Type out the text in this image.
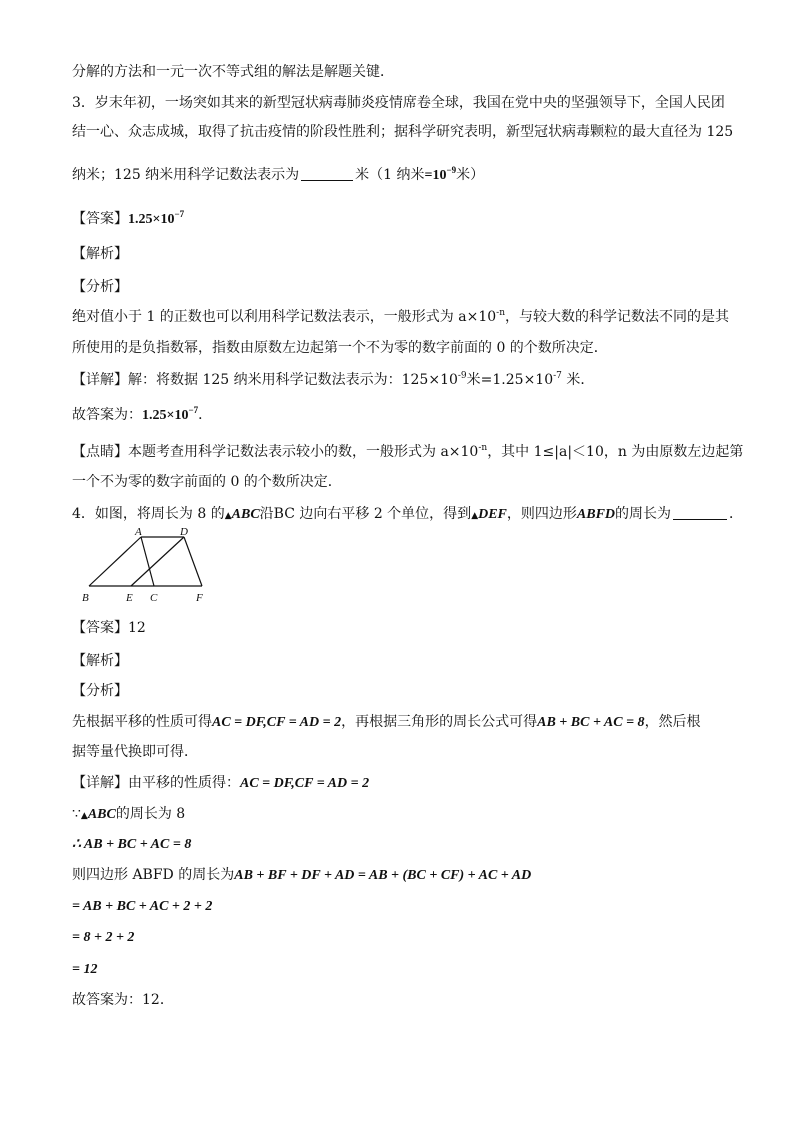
分解的方法和一元一次不等式组的解法是解题关键．
3．岁末年初，一场突如其来的新型冠状病毒肺炎疫情席卷全球，我国在党中央的坚强领导下，全国人民团
结一心、众志成城，取得了抗击疫情的阶段性胜利；据科学研究表明，新型冠状病毒颗粒的最大直径为 125
纳米；125 纳米用科学记数法表示为	米（1 纳米$=10^{-9}$米）
【答案】$1.25\times 10^{-7}$
【解析】
【分析】
绝对值小于 1 的正数也可以利用科学记数法表示，一般形式为 $a\times 10^{-n}$，与较大数的科学记数法不同的是其
所使用的是负指数幂，指数由原数左边起第一个不为零的数字前面的 0 的个数所决定．
【详解】解：将数据 125 纳米用科学记数法表示为：$125\times 10^{-9}$米$=1.25\times 10^{-7}$ 米．
故答案为：$1.25\times 10^{-7}$．
【点睛】本题考查用科学记数法表示较小的数，一般形式为 $a\times 10^{-n}$，其中 1≤|a|＜10，n 为由原数左边起第
一个不为零的数字前面的 0 的个数所决定．
4．如图，将周长为 8 的▲ABC沿BC 边向右平移 2 个单位，得到▲DEF，则四边形ABFD的周长为	．
A	D
B	E C	F
【答案】12
【解析】
【分析】
先根据平移的性质可得AC = DF,CF = AD = 2，再根据三角形的周长公式可得AB + BC + AC = 8，然后根
据等量代换即可得．
【详解】由平移的性质得：AC = DF,CF = AD = 2
∵▲ABC的周长为 8
∴ AB + BC + AC = 8
则四边形 ABFD 的周长为AB + BF + DF + AD = AB + (BC + CF) + AC + AD
= AB + BC + AC + 2 + 2
= 8 + 2 + 2
= 12
故答案为：12．
